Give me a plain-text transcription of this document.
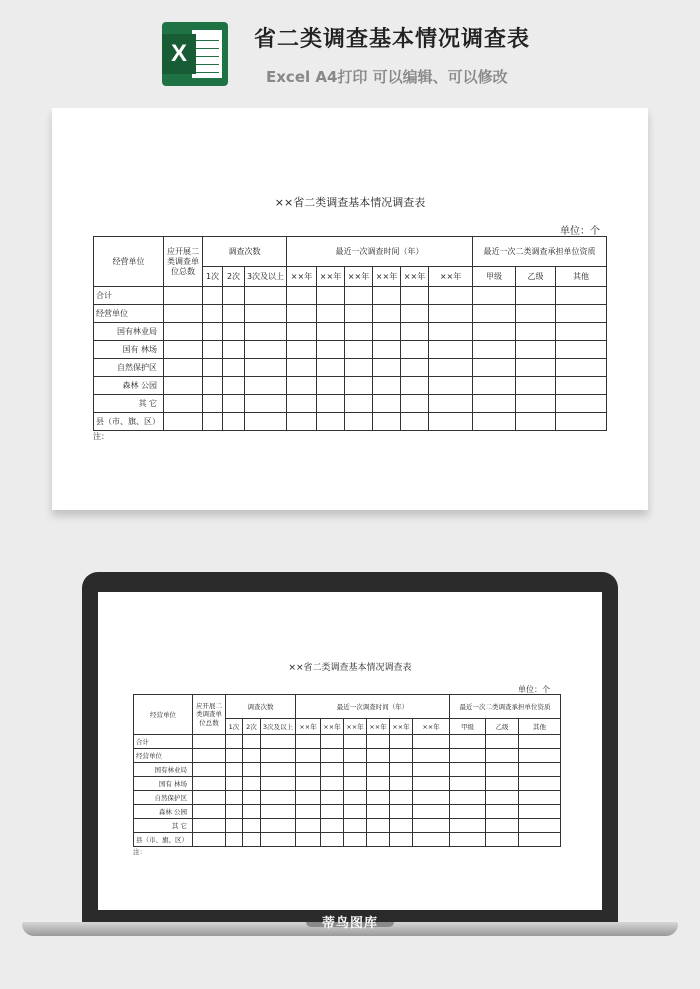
X
省二类调查基本情况调查表
Excel A4打印 可以编辑、可以修改
××省二类调查基本情况调查表
单位：个
经营单位	应开展二类调查单位总数	调查次数			最近一次调查时间（年）						最近一次二类调查承担单位资质		
		1次	2次	3次及以上	××年	××年	××年	××年	××年	××年	甲级	乙级	其他
合计													
经营单位													
国有林业局													
国有 林场													
自然保护区													
森林 公园													
其 它													
县（市、旗、区）													
注：
××省二类调查基本情况调查表
单位：个
经营单位	应开展二类调查单位总数	调查次数			最近一次调查时间（年）						最近一次二类调查承担单位资质		
		1次	2次	3次及以上	××年	××年	××年	××年	××年	××年	甲级	乙级	其他
合计													
经营单位													
国有林业局													
国有 林场													
自然保护区													
森林 公园													
其 它													
县（市、旗、区）													
注：
蒂鸟图库
